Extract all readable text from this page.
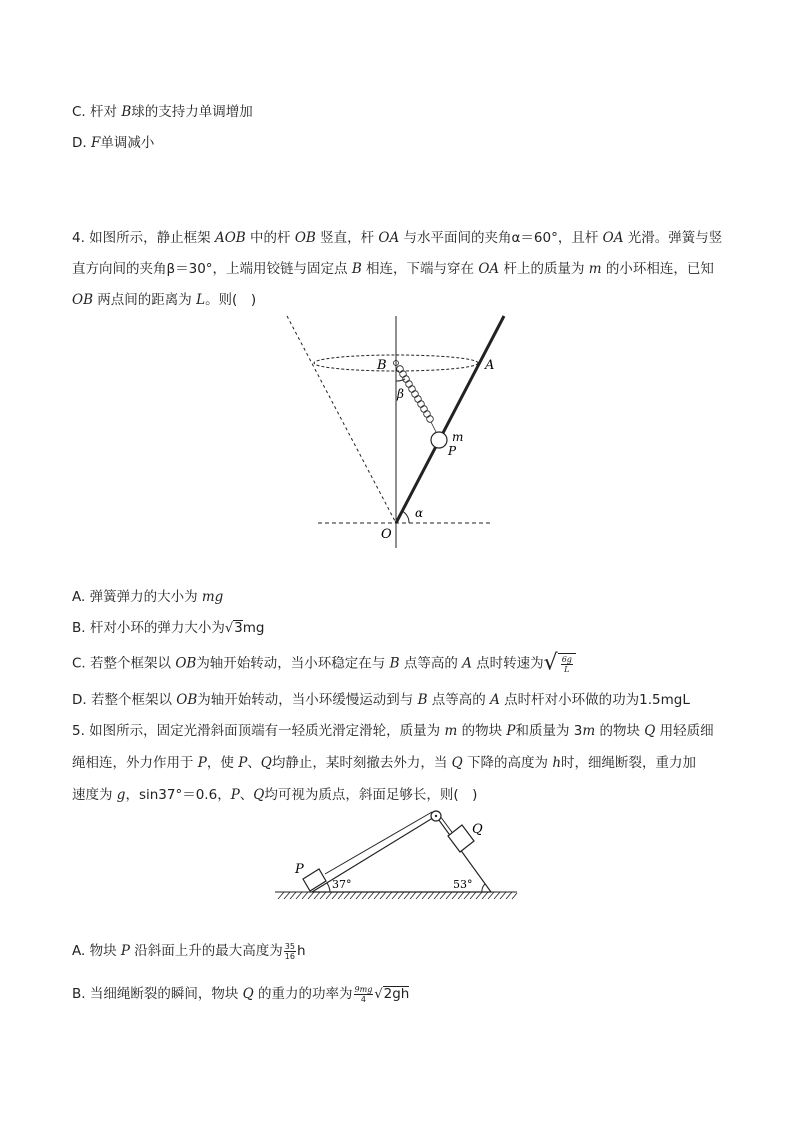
C. 杆对 B球的支持力单调增加
D. F单调减小
4. 如图所示，静止框架 AOB 中的杆 OB 竖直，杆 OA 与水平面间的夹角α＝60°，且杆 OA 光滑。弹簧与竖
直方向间的夹角β＝30°，上端用铰链与固定点 B 相连，下端与穿在 OA 杆上的质量为 m 的小环相连，已知
OB 两点间的距离为 L。则(　)
B	A
β
m
P
α
O
A. 弹簧弹力的大小为 mg
B. 杆对小环的弹力大小为√3mg
C. 若整个框架以 OB为轴开始转动，当小环稳定在与 B 点等高的 A 点时转速为√ $\frac{6g}{L}$
D. 若整个框架以 OB为轴开始转动，当小环缓慢运动到与 B 点等高的 A 点时杆对小环做的功为1.5mgL
5. 如图所示，固定光滑斜面顶端有一轻质光滑定滑轮，质量为 m 的物块 P和质量为 3m 的物块 Q 用轻质细
绳相连，外力作用于 P，使 P、Q均静止，某时刻撤去外力，当 Q 下降的高度为 h时，细绳断裂，重力加
速度为 g，sin37°＝0.6，P、Q均可视为质点，斜面足够长，则(　)
P
Q
37°	53°
A. 物块 P 沿斜面上升的最大高度为 $\frac{35}{16}$ h
B. 当细绳断裂的瞬间，物块 Q 的重力的功率为 $\frac{9mg}{4} √2gh$
